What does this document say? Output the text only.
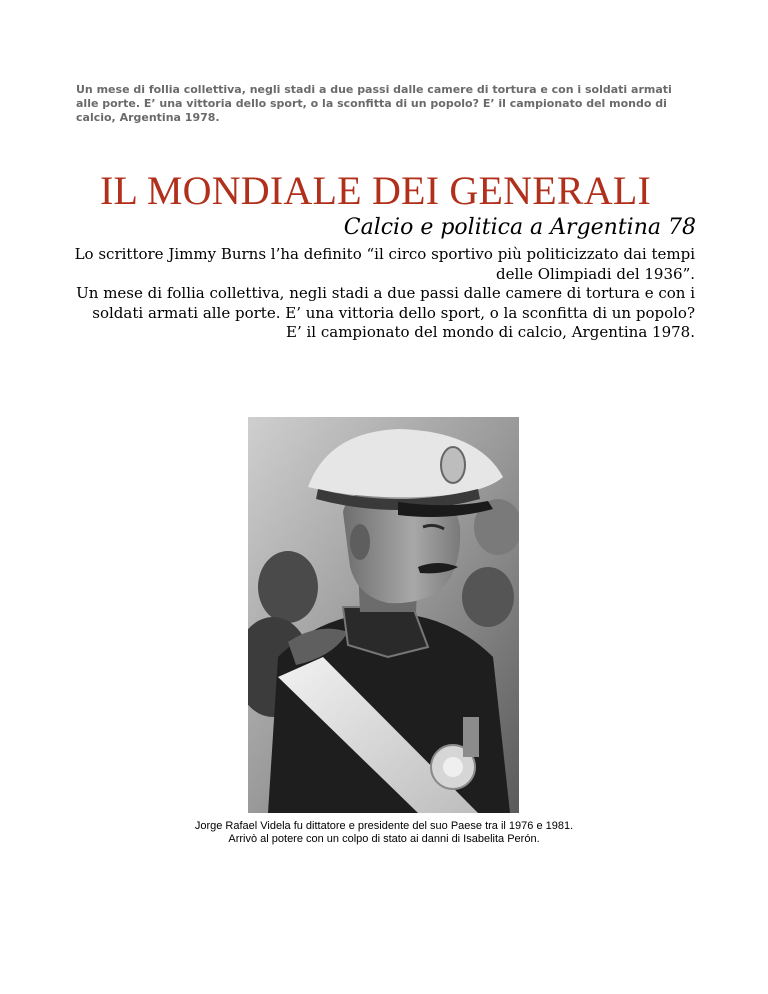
Un mese di follia collettiva, negli stadi a due passi dalle camere di tortura e con i soldati armati alle porte. E’ una vittoria dello sport, o la sconfitta di un popolo? E’ il campionato del mondo di calcio, Argentina 1978.

IL MONDIALE DEI GENERALI
Calcio e politica a Argentina 78

Lo scrittore Jimmy Burns l’ha definito “il circo sportivo più politicizzato dai tempi delle Olimpiadi del 1936”.

Un mese di follia collettiva, negli stadi a due passi dalle camere di tortura e con i soldati armati alle porte. E’ una vittoria dello sport, o la sconfitta di un popolo?

E’ il campionato del mondo di calcio, Argentina 1978.

Jorge Rafael Videla fu dittatore e presidente del suo Paese tra il 1976 e 1981.

Arrivò al potere con un colpo di stato ai danni di Isabelita Perón.
